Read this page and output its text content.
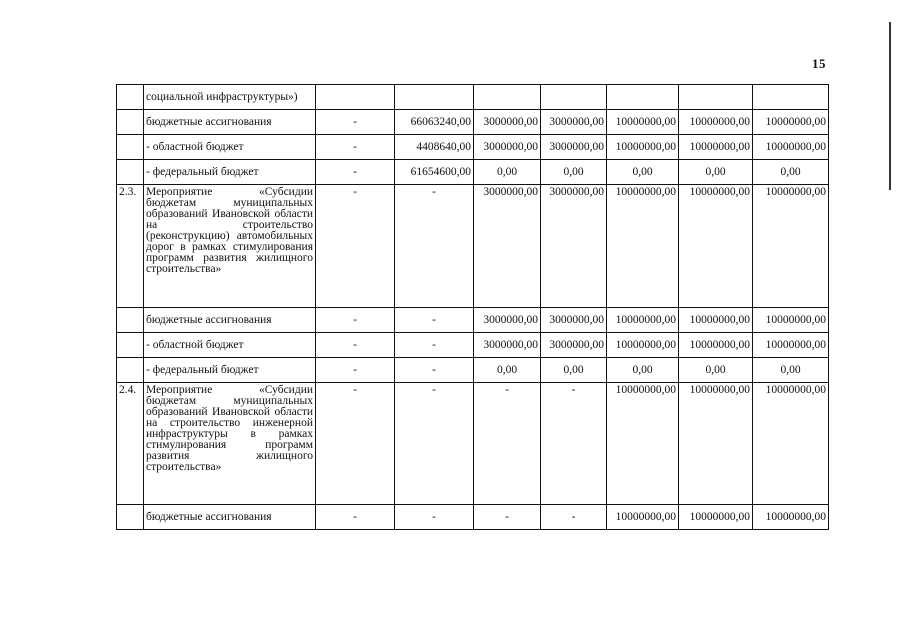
15
	социальной инфраструктуры»)							
	бюджетные ассигнования	-	66063240,00	3000000,00	3000000,00	10000000,00	10000000,00	10000000,00
	- областной бюджет	-	4408640,00	3000000,00	3000000,00	10000000,00	10000000,00	10000000,00
	- федеральный бюджет	-	61654600,00	0,00	0,00	0,00	0,00	0,00
2.3.	Мероприятие «Субсидии бюджетам муниципальных образований Ивановской области на строительство (реконструкцию) автомобильных дорог в рамках стимулирования программ развития жилищного строительства»	-	-	3000000,00	3000000,00	10000000,00	10000000,00	10000000,00
	бюджетные ассигнования	-	-	3000000,00	3000000,00	10000000,00	10000000,00	10000000,00
	- областной бюджет	-	-	3000000,00	3000000,00	10000000,00	10000000,00	10000000,00
	- федеральный бюджет	-	-	0,00	0,00	0,00	0,00	0,00
2.4.	Мероприятие «Субсидии бюджетам муниципальных образований Ивановской области на строительство инженерной инфраструктуры в рамках стимулирования программ развития жилищного строительства»	-	-	-	-	10000000,00	10000000,00	10000000,00
	бюджетные ассигнования	-	-	-	-	10000000,00	10000000,00	10000000,00
